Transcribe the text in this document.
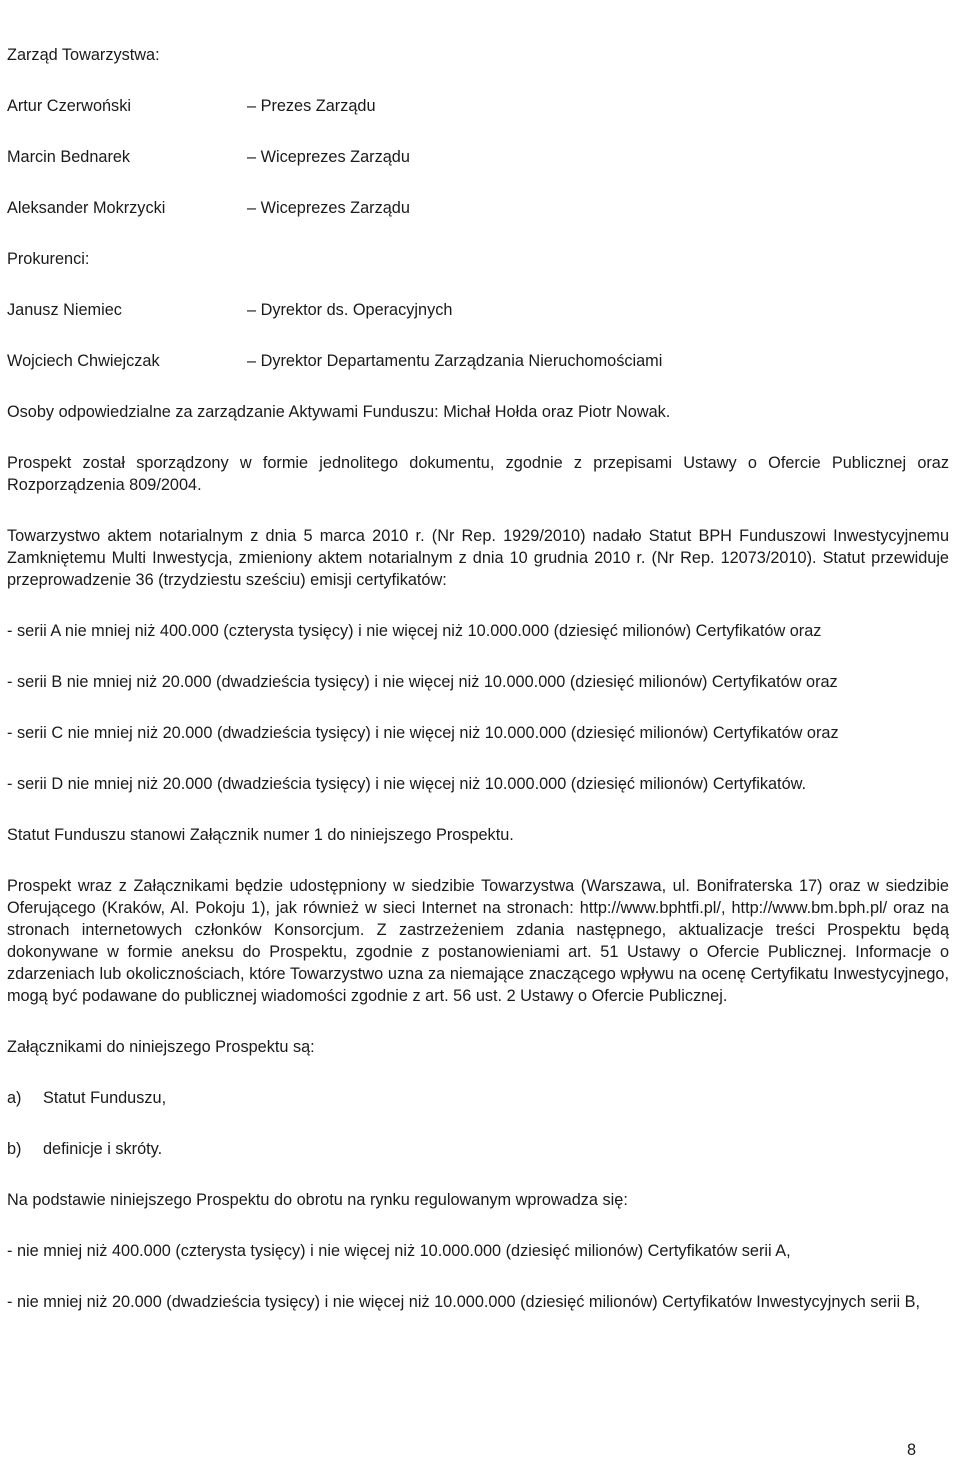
Zarząd Towarzystwa:

Artur Czerwoński	– Prezes Zarządu
Marcin Bednarek	– Wiceprezes Zarządu
Aleksander Mokrzycki	– Wiceprezes Zarządu

Prokurenci:

Janusz Niemiec	– Dyrektor ds. Operacyjnych
Wojciech Chwiejczak	– Dyrektor Departamentu Zarządzania Nieruchomościami

Osoby odpowiedzialne za zarządzanie Aktywami Funduszu: Michał Hołda oraz Piotr Nowak.

Prospekt został sporządzony w formie jednolitego dokumentu, zgodnie z przepisami Ustawy o Ofercie Publicznej oraz Rozporządzenia 809/2004.

Towarzystwo aktem notarialnym z dnia 5 marca 2010 r. (Nr Rep. 1929/2010) nadało Statut BPH Funduszowi Inwestycyjnemu Zamkniętemu Multi Inwestycja, zmieniony aktem notarialnym z dnia 10 grudnia 2010 r. (Nr Rep. 12073/2010). Statut przewiduje przeprowadzenie 36 (trzydziestu sześciu) emisji certyfikatów:

- serii A nie mniej niż 400.000 (czterysta tysięcy) i nie więcej niż 10.000.000 (dziesięć milionów) Certyfikatów oraz

- serii B nie mniej niż 20.000 (dwadzieścia tysięcy) i nie więcej niż 10.000.000 (dziesięć milionów) Certyfikatów oraz

- serii C nie mniej niż 20.000 (dwadzieścia tysięcy) i nie więcej niż 10.000.000 (dziesięć milionów) Certyfikatów oraz

- serii D nie mniej niż 20.000 (dwadzieścia tysięcy) i nie więcej niż 10.000.000 (dziesięć milionów) Certyfikatów.

Statut Funduszu stanowi Załącznik numer 1 do niniejszego Prospektu.

Prospekt wraz z Załącznikami będzie udostępniony w siedzibie Towarzystwa (Warszawa, ul. Bonifraterska 17) oraz w siedzibie Oferującego (Kraków, Al. Pokoju 1), jak również w sieci Internet na stronach: http://www.bphtfi.pl/, http://www.bm.bph.pl/ oraz na stronach internetowych członków Konsorcjum. Z zastrzeżeniem zdania następnego, aktualizacje treści Prospektu będą dokonywane w formie aneksu do Prospektu, zgodnie z postanowieniami art. 51 Ustawy o Ofercie Publicznej. Informacje o zdarzeniach lub okolicznościach, które Towarzystwo uzna za niemające znaczącego wpływu na ocenę Certyfikatu Inwestycyjnego, mogą być podawane do publicznej wiadomości zgodnie z art. 56 ust. 2 Ustawy o Ofercie Publicznej.

Załącznikami do niniejszego Prospektu są:

a)	Statut Funduszu,
b)	definicje i skróty.

Na podstawie niniejszego Prospektu do obrotu na rynku regulowanym wprowadza się:

- nie mniej niż 400.000 (czterysta tysięcy) i nie więcej niż 10.000.000 (dziesięć milionów) Certyfikatów serii A,

- nie mniej niż 20.000 (dwadzieścia tysięcy) i nie więcej niż 10.000.000 (dziesięć milionów) Certyfikatów Inwestycyjnych serii B,

8
